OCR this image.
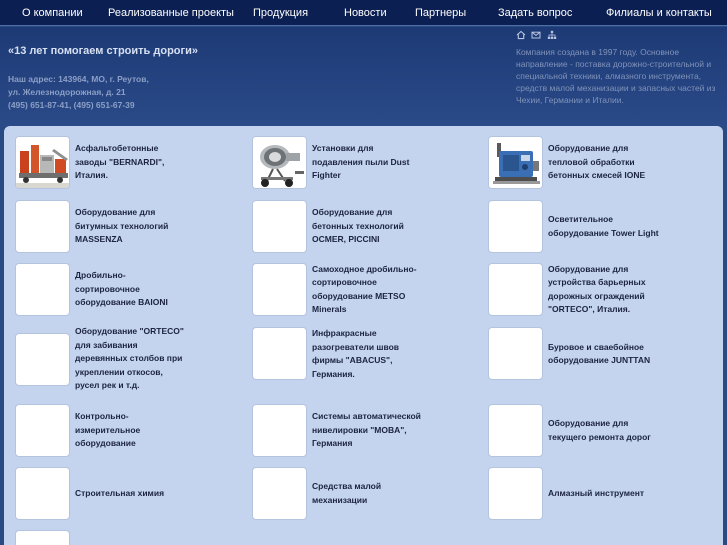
О компании Реализованные проекты Продукция	Новости	Партнеры	Задать вопрос	Филиалы и контакты
«13 лет помогаем строить дороги»
Наш адрес: 143964, МО, г. Реутов,
ул. Железнодорожная, д. 21
(495) 651-87-41, (495) 651-67-39
Компания создана в 1997 году. Основное
направление - поставка дорожно-строительной и
специальной техники, алмазного инструмента,
средств малой механизации и запасных частей из
Чехии, Германии и Италии.
Асфальтобетонные
заводы "BERNARDI",
Италия.
Установки для
подавления пыли Dust
Fighter
Оборудование для
тепловой обработки
бетонных смесей IONE
Оборудование для
битумных технологий
MASSENZA
Оборудование для
бетонных технологий
OCMER, PICCINI
Осветительное
оборудование Tower Light
Дробильно-
сортировочное
оборудование BAIONI
Самоходное дробильно-
сортировочное
оборудование METSO
Minerals
Оборудование для
устройства барьерных
дорожных ограждений
"ORTECO", Италия.
Оборудование "ORTECO"
для забивания
деревянных столбов при
укреплении откосов,
русел рек и т.д.
Инфракрасные
разогреватели швов
фирмы "ABACUS",
Германия.
Буровое и сваебойное
оборудование JUNTTAN
Контрольно-
измерительное
оборудование
Системы автоматической
нивелировки "MOBA",
Германия
Оборудование для
текущего ремонта дорог
Строительная химия
Средства малой
механизации
Алмазный инструмент
